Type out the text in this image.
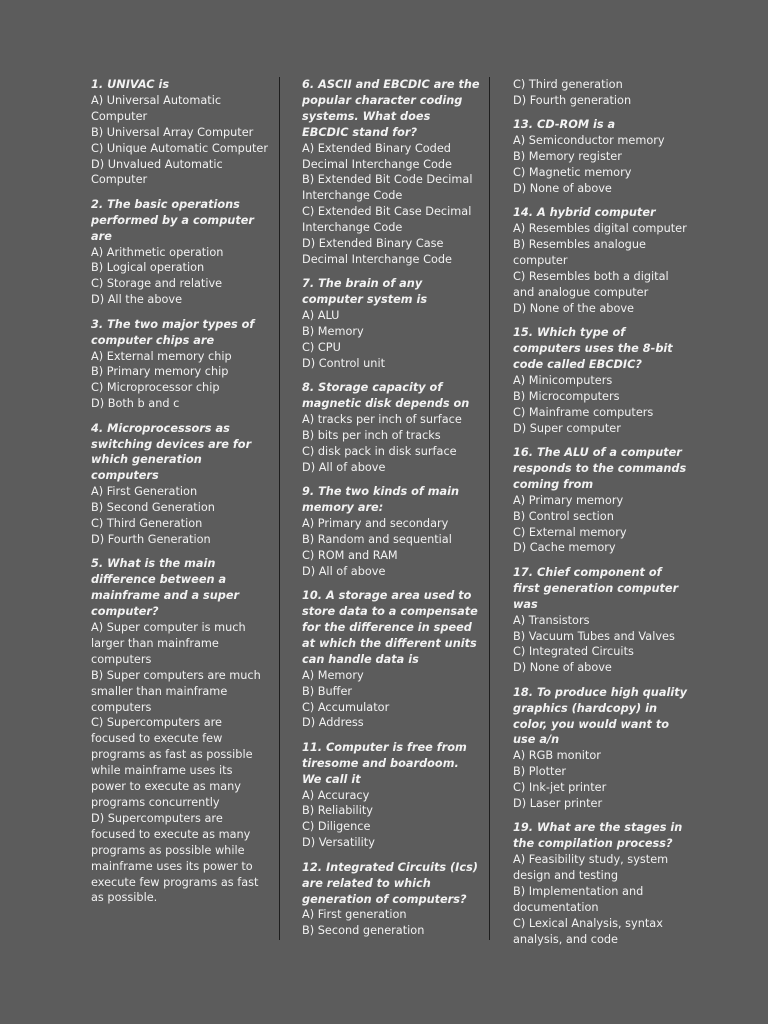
1. UNIVAC is
A) Universal Automatic Computer
B) Universal Array Computer
C) Unique Automatic Computer
D) Unvalued Automatic Computer
2. The basic operations performed by a computer are
A) Arithmetic operation
B) Logical operation
C) Storage and relative
D) All the above
3. The two major types of computer chips are
A) External memory chip
B) Primary memory chip
C) Microprocessor chip
D) Both b and c
4. Microprocessors as switching devices are for which generation computers
A) First Generation
B) Second Generation
C) Third Generation
D) Fourth Generation
5. What is the main difference between a mainframe and a super computer?
A) Super computer is much larger than mainframe computers
B) Super computers are much smaller than mainframe computers
C) Supercomputers are focused to execute few programs as fast as possible while mainframe uses its power to execute as many programs concurrently
D) Supercomputers are focused to execute as many programs as possible while mainframe uses its power to execute few programs as fast as possible.
6. ASCII and EBCDIC are the popular character coding systems. What does EBCDIC stand for?
A) Extended Binary Coded Decimal Interchange Code
B) Extended Bit Code Decimal Interchange Code
C) Extended Bit Case Decimal Interchange Code
D) Extended Binary Case Decimal Interchange Code
7. The brain of any computer system is
A) ALU
B) Memory
C) CPU
D) Control unit
8. Storage capacity of magnetic disk depends on
A) tracks per inch of surface
B) bits per inch of tracks
C) disk pack in disk surface
D) All of above
9. The two kinds of main memory are:
A) Primary and secondary
B) Random and sequential
C) ROM and RAM
D) All of above
10. A storage area used to store data to a compensate for the difference in speed at which the different units can handle data is
A) Memory
B) Buffer
C) Accumulator
D) Address
11. Computer is free from tiresome and boardoom. We call it
A) Accuracy
B) Reliability
C) Diligence
D) Versatility
12. Integrated Circuits (Ics) are related to which generation of computers?
A) First generation
B) Second generation
C) Third generation
D) Fourth generation
13. CD-ROM is a
A) Semiconductor memory
B) Memory register
C) Magnetic memory
D) None of above
14. A hybrid computer
A) Resembles digital computer
B) Resembles analogue computer
C) Resembles both a digital and analogue computer
D) None of the above
15. Which type of computers uses the 8-bit code called EBCDIC?
A) Minicomputers
B) Microcomputers
C) Mainframe computers
D) Super computer
16. The ALU of a computer responds to the commands coming from
A) Primary memory
B) Control section
C) External memory
D) Cache memory
17. Chief component of first generation computer was
A) Transistors
B) Vacuum Tubes and Valves
C) Integrated Circuits
D) None of above
18. To produce high quality graphics (hardcopy) in color, you would want to use a/n
A) RGB monitor
B) Plotter
C) Ink-jet printer
D) Laser printer
19. What are the stages in the compilation process?
A) Feasibility study, system design and testing
B) Implementation and documentation
C) Lexical Analysis, syntax analysis, and code
